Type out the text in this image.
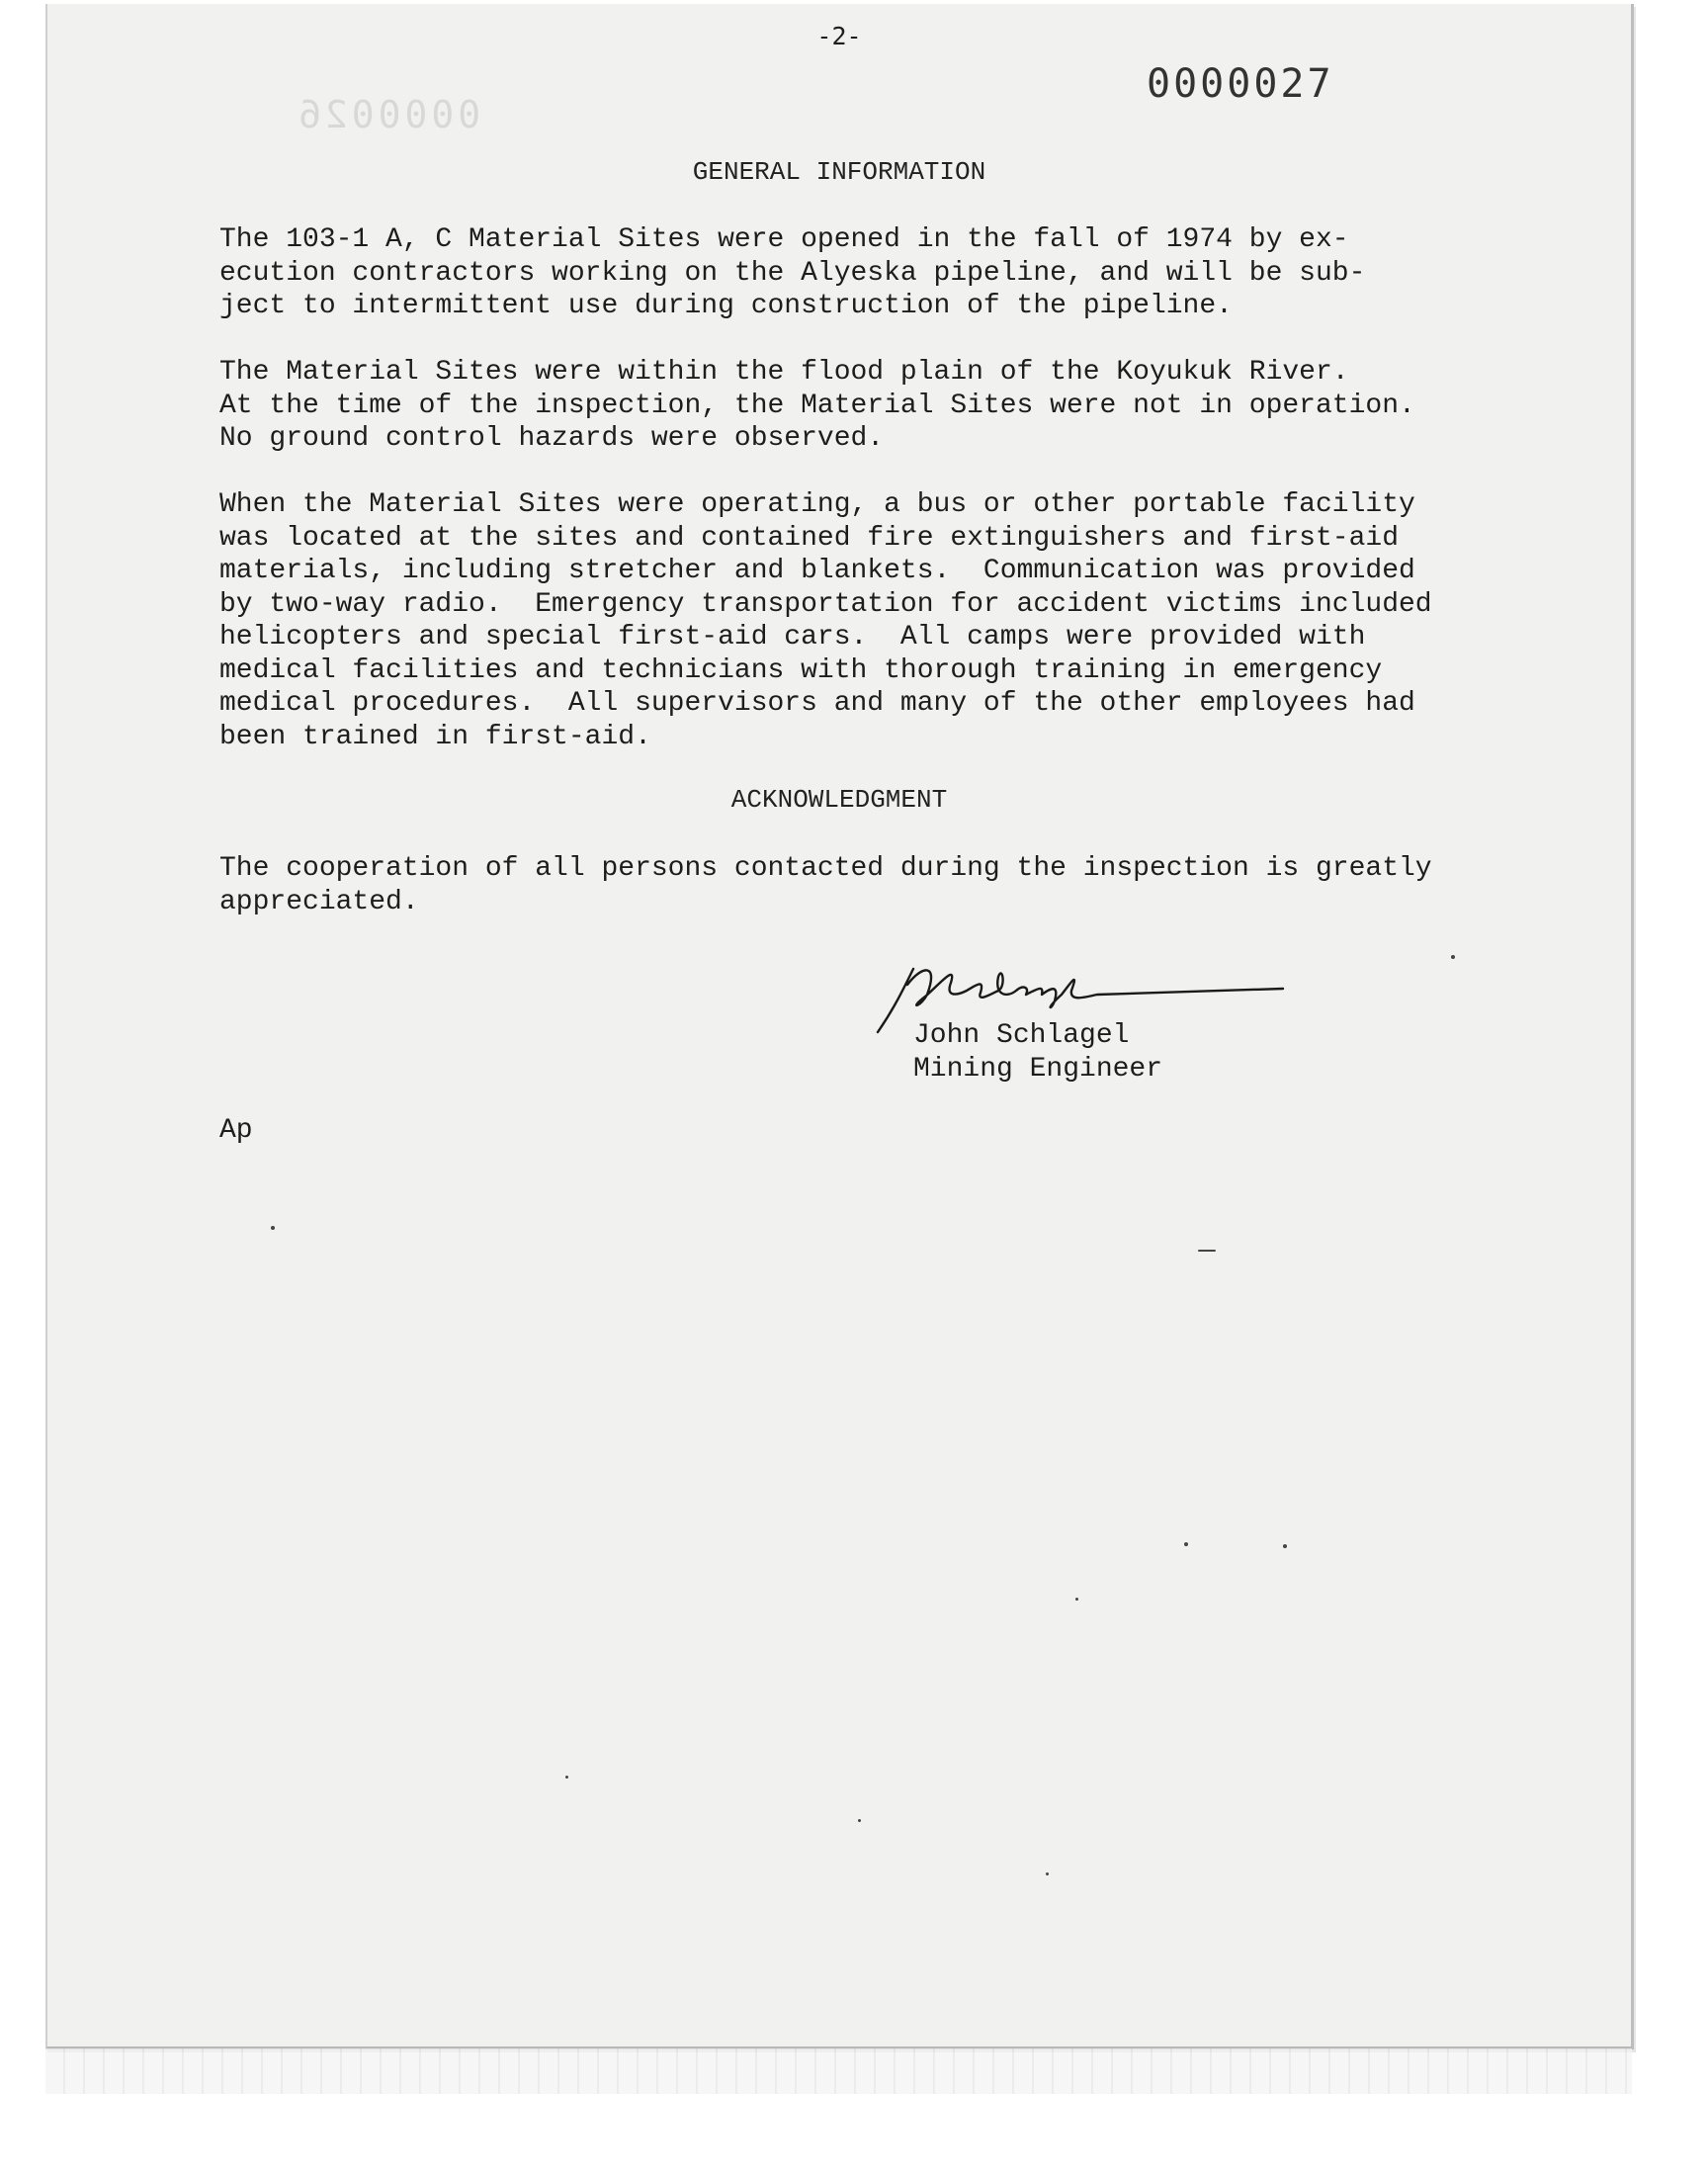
0000026
-2-
0000027
GENERAL INFORMATION

The 103-1 A, C Material Sites were opened in the fall of 1974 by ex-
ecution contractors working on the Alyeska pipeline, and will be sub-
ject to intermittent use during construction of the pipeline.

The Material Sites were within the flood plain of the Koyukuk River.
At the time of the inspection, the Material Sites were not in operation.
No ground control hazards were observed.

When the Material Sites were operating, a bus or other portable facility
was located at the sites and contained fire extinguishers and first-aid
materials, including stretcher and blankets.  Communication was provided
by two-way radio.  Emergency transportation for accident victims included
helicopters and special first-aid cars.  All camps were provided with
medical facilities and technicians with thorough training in emergency
medical procedures.  All supervisors and many of the other employees had
been trained in first-aid.

ACKNOWLEDGMENT

The cooperation of all persons contacted during the inspection is greatly
appreciated.

John Schlagel
Mining Engineer
Ap
